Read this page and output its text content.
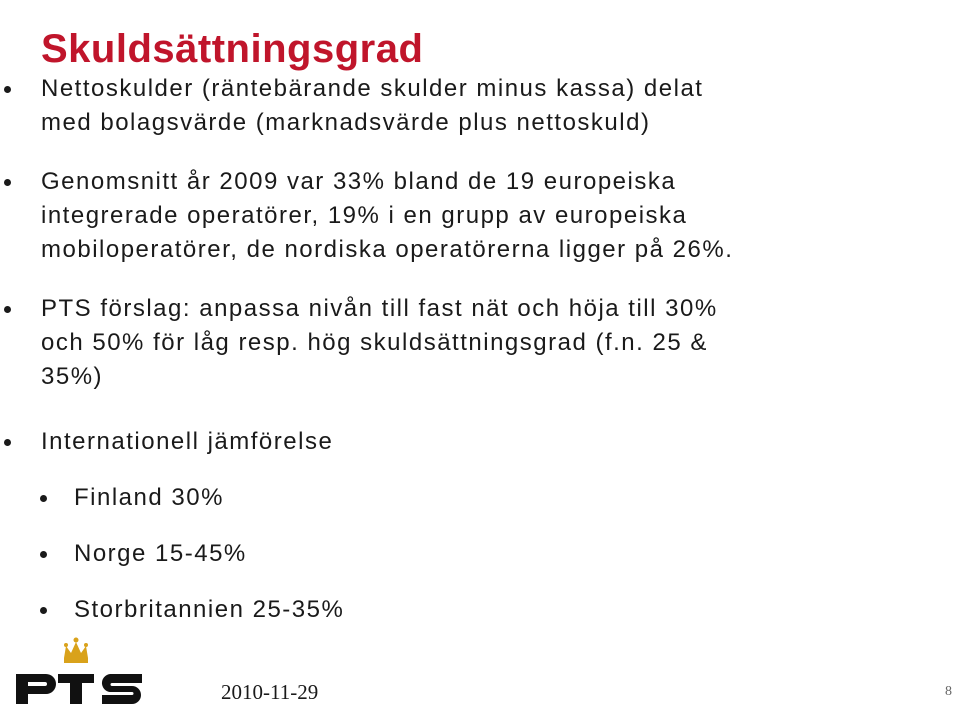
Skuldsättningsgrad
Nettoskulder (räntebärande skulder minus kassa) delat
med bolagsvärde (marknadsvärde plus nettoskuld)
Genomsnitt år 2009 var 33% bland de 19 europeiska
integrerade operatörer, 19% i en grupp av europeiska
mobiloperatörer, de nordiska operatörerna ligger på 26%.
PTS förslag: anpassa nivån till fast nät och höja till 30%
och 50% för låg resp. hög skuldsättningsgrad (f.n. 25 &
35%)
Internationell jämförelse
Finland 30%
Norge 15-45%
Storbritannien 25-35%
2010-11-29	8
